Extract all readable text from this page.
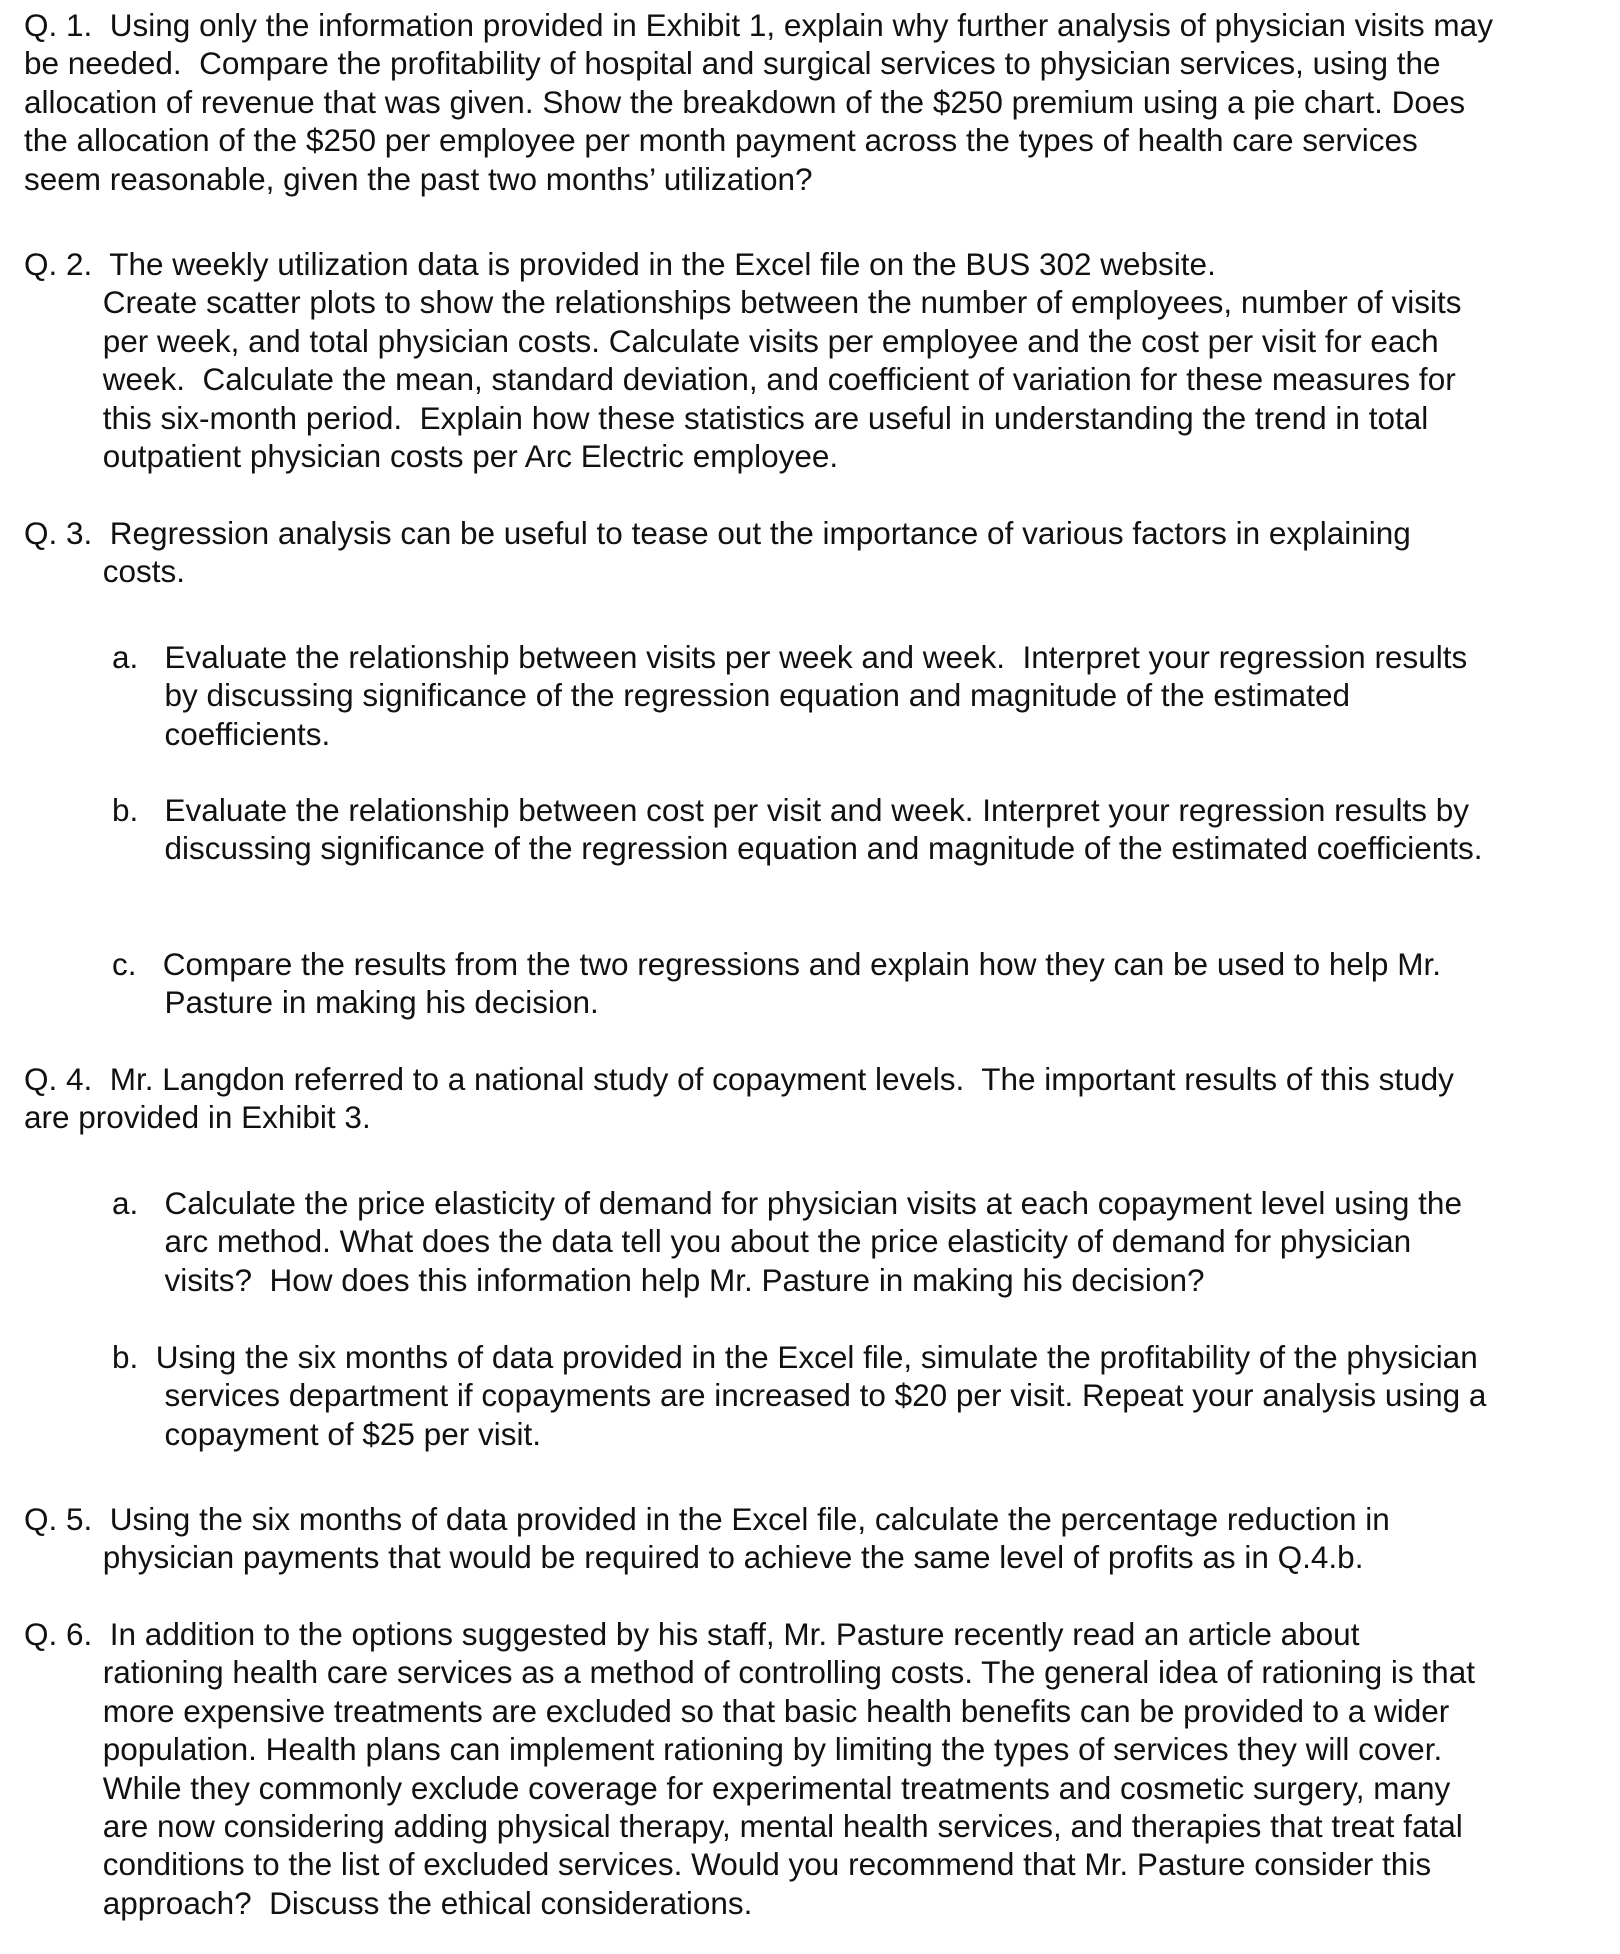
Q. 1.  Using only the information provided in Exhibit 1, explain why further analysis of physician visits may
be needed.  Compare the profitability of hospital and surgical services to physician services, using the
allocation of revenue that was given. Show the breakdown of the $250 premium using a pie chart. Does
the allocation of the $250 per employee per month payment across the types of health care services
seem reasonable, given the past two months’ utilization?
Q. 2.  The weekly utilization data is provided in the Excel file on the BUS 302 website.
Create scatter plots to show the relationships between the number of employees, number of visits
per week, and total physician costs. Calculate visits per employee and the cost per visit for each
week.  Calculate the mean, standard deviation, and coefficient of variation for these measures for
this six-month period.  Explain how these statistics are useful in understanding the trend in total
outpatient physician costs per Arc Electric employee.
Q. 3.  Regression analysis can be useful to tease out the importance of various factors in explaining
costs.
a.   Evaluate the relationship between visits per week and week.  Interpret your regression results
by discussing significance of the regression equation and magnitude of the estimated
coefficients.
b.   Evaluate the relationship between cost per visit and week. Interpret your regression results by
discussing significance of the regression equation and magnitude of the estimated coefficients.
c.   Compare the results from the two regressions and explain how they can be used to help Mr.
Pasture in making his decision.
Q. 4.  Mr. Langdon referred to a national study of copayment levels.  The important results of this study
are provided in Exhibit 3.
a.   Calculate the price elasticity of demand for physician visits at each copayment level using the
arc method. What does the data tell you about the price elasticity of demand for physician
visits?  How does this information help Mr. Pasture in making his decision?
b.  Using the six months of data provided in the Excel file, simulate the profitability of the physician
services department if copayments are increased to $20 per visit. Repeat your analysis using a
copayment of $25 per visit.
Q. 5.  Using the six months of data provided in the Excel file, calculate the percentage reduction in
physician payments that would be required to achieve the same level of profits as in Q.4.b.
Q. 6.  In addition to the options suggested by his staff, Mr. Pasture recently read an article about
rationing health care services as a method of controlling costs. The general idea of rationing is that
more expensive treatments are excluded so that basic health benefits can be provided to a wider
population. Health plans can implement rationing by limiting the types of services they will cover.
While they commonly exclude coverage for experimental treatments and cosmetic surgery, many
are now considering adding physical therapy, mental health services, and therapies that treat fatal
conditions to the list of excluded services. Would you recommend that Mr. Pasture consider this
approach?  Discuss the ethical considerations.
